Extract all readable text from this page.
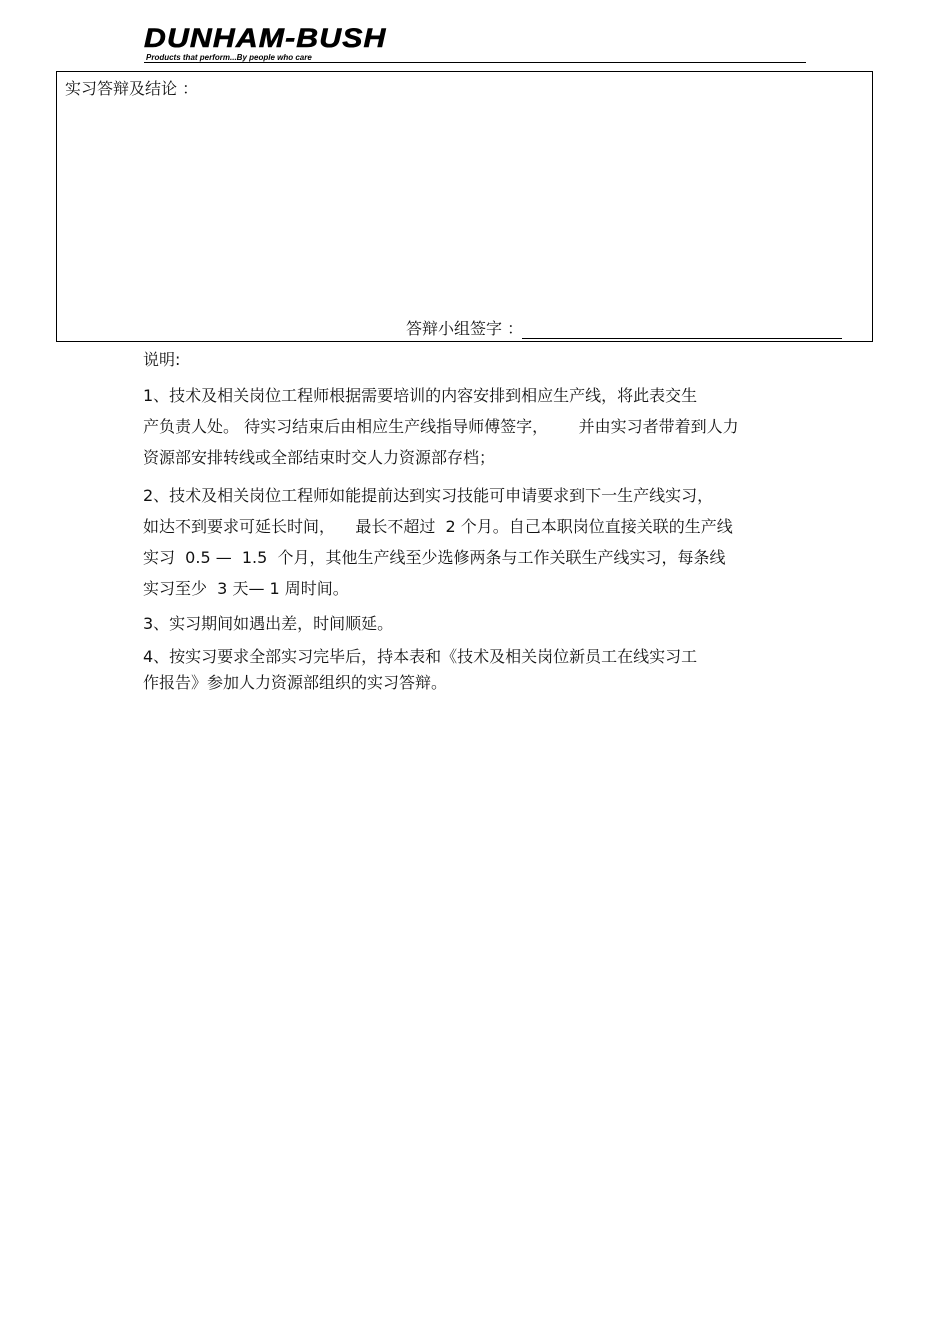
DUNHAM-BUSH
Products that perform...By people who care
实习答辩及结论 ：
答辩小组签字 ：
说明:
1、技术及相关岗位工程师根据需要培训的内容安排到相应生产线，将此表交生
产负责人处。 待实习结束后由相应生产线指导师傅签字，      并由实习者带着到人力
资源部安排转线或全部结束时交人力资源部存档；
2、技术及相关岗位工程师如能提前达到实习技能可申请要求到下一生产线实习，
如达不到要求可延长时间，    最长不超过  2 个月。自己本职岗位直接关联的生产线
实习  0.5 —  1.5  个月，其他生产线至少选修两条与工作关联生产线实习，每条线
实习至少  3 天— 1 周时间。
3、实习期间如遇出差，时间顺延。
4、按实习要求全部实习完毕后，持本表和《技术及相关岗位新员工在线实习工
作报告》参加人力资源部组织的实习答辩。
